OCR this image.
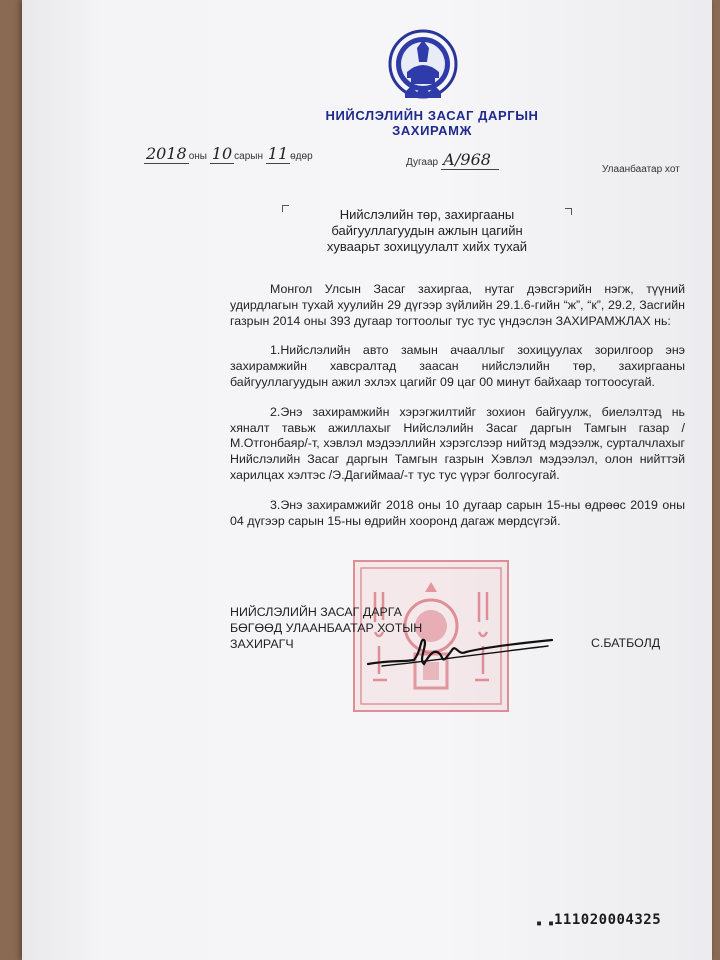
НИЙСЛЭЛИЙН ЗАСАГ ДАРГЫН
ЗАХИРАМЖ
2018 оны 10 сарын 11 өдөр
Дугаар А/968
Улаанбаатар хот
Нийслэлийн төр, захиргааны
байгууллагуудын ажлын цагийн
хуваарьт зохицуулалт хийх тухай

Монгол Улсын Засаг захиргаа, нутаг дэвсгэрийн нэгж, түүний удирдлагын тухай хуулийн 29 дүгээр зүйлийн 29.1.6-гийн “ж”, “к”, 29.2, Засгийн газрын 2014 оны 393 дугаар тогтоолыг тус тус үндэслэн ЗАХИРАМЖЛАХ нь:

1.Нийслэлийн авто замын ачааллыг зохицуулах зорилгоор энэ захирамжийн хавсралтад заасан нийслэлийн төр, захиргааны байгууллагуудын ажил эхлэх цагийг 09 цаг 00 минут байхаар тогтоосугай.

2.Энэ захирамжийн хэрэгжилтийг зохион байгуулж, биелэлтэд нь хяналт тавьж ажиллахыг Нийслэлийн Засаг даргын Тамгын газар /М.Отгонбаяр/-т, хэвлэл мэдээллийн хэрэгслээр нийтэд мэдээлж, сурталчлахыг Нийслэлийн Засаг даргын Тамгын газрын Хэвлэл мэдээлэл, олон нийттэй харилцах хэлтэс /Э.Дагиймаа/-т тус тус үүрэг болгосугай.

3.Энэ захирамжийг 2018 оны 10 дугаар сарын 15-ны өдрөөс 2019 оны 04 дүгээр сарын 15-ны өдрийн хооронд дагаж мөрдсүгэй.

НИЙСЛЭЛИЙН ЗАСАГ ДАРГА
БӨГӨӨД УЛААНБААТАР ХОТЫН
ЗАХИРАГЧ	С.БАТБОЛД
▪ ▪ 111020004325
